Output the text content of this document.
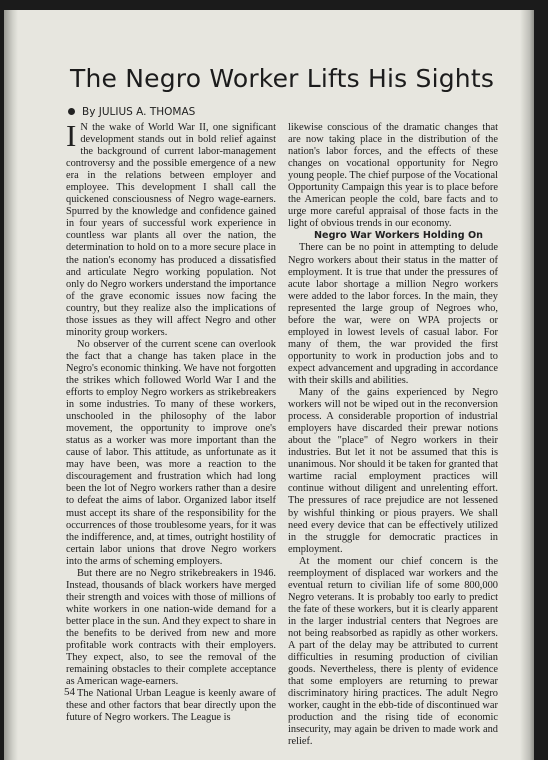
The Negro Worker Lifts His Sights
By JULIUS A. THOMAS

I N the wake of World War II, one significant development stands out in bold relief against the background of current labor-management controversy and the possible emergence of a new era in the relations between employer and employee. This development I shall call the quickened consciousness of Negro wage-earners. Spurred by the knowledge and confidence gained in four years of successful work experience in countless war plants all over the nation, the determination to hold on to a more secure place in the nation's economy has produced a dissatisfied and articulate Negro working population. Not only do Negro workers understand the importance of the grave economic issues now facing the country, but they realize also the implications of those issues as they will affect Negro and other minority group workers.

No observer of the current scene can overlook the fact that a change has taken place in the Negro's economic thinking. We have not forgotten the strikes which followed World War I and the efforts to employ Negro workers as strikebreakers in some industries. To many of these workers, unschooled in the philosophy of the labor movement, the opportunity to improve one's status as a worker was more important than the cause of labor. This attitude, as unfortunate as it may have been, was more a reaction to the discouragement and frustration which had long been the lot of Negro workers rather than a desire to defeat the aims of labor. Organized labor itself must accept its share of the responsibility for the occurrences of those troublesome years, for it was the indifference, and, at times, outright hostility of certain labor unions that drove Negro workers into the arms of scheming employers.

But there are no Negro strikebreakers in 1946. Instead, thousands of black workers have merged their strength and voices with those of millions of white workers in one nation-wide demand for a better place in the sun. And they expect to share in the benefits to be derived from new and more profitable work contracts with their employers. They expect, also, to see the removal of the remaining obstacles to their complete acceptance as American wage-earners.

The National Urban League is keenly aware of these and other factors that bear directly upon the future of Negro workers. The League is

likewise conscious of the dramatic changes that are now taking place in the distribution of the nation's labor forces, and the effects of these changes on vocational opportunity for Negro young people. The chief purpose of the Vocational Opportunity Campaign this year is to place before the American people the cold, bare facts and to urge more careful appraisal of those facts in the light of obvious trends in our economy.

Negro War Workers Holding On

There can be no point in attempting to delude Negro workers about their status in the matter of employment. It is true that under the pressures of acute labor shortage a million Negro workers were added to the labor forces. In the main, they represented the large group of Negroes who, before the war, were on WPA projects or employed in lowest levels of casual labor. For many of them, the war provided the first opportunity to work in production jobs and to expect advancement and upgrading in accordance with their skills and abilities.

Many of the gains experienced by Negro workers will not be wiped out in the reconversion process. A considerable proportion of industrial employers have discarded their prewar notions about the "place" of Negro workers in their industries. But let it not be assumed that this is unanimous. Nor should it be taken for granted that wartime racial employment practices will continue without diligent and unrelenting effort. The pressures of race prejudice are not lessened by wishful thinking or pious prayers. We shall need every device that can be effectively utilized in the struggle for democratic practices in employment.

At the moment our chief concern is the reemployment of displaced war workers and the eventual return to civilian life of some 800,000 Negro veterans. It is probably too early to predict the fate of these workers, but it is clearly apparent in the larger industrial centers that Negroes are not being reabsorbed as rapidly as other workers. A part of the delay may be attributed to current difficulties in resuming production of civilian goods. Nevertheless, there is plenty of evidence that some employers are returning to prewar discriminatory hiring practices. The adult Negro worker, caught in the ebb-tide of discontinued war production and the rising tide of economic insecurity, may again be driven to made work and relief.

54
